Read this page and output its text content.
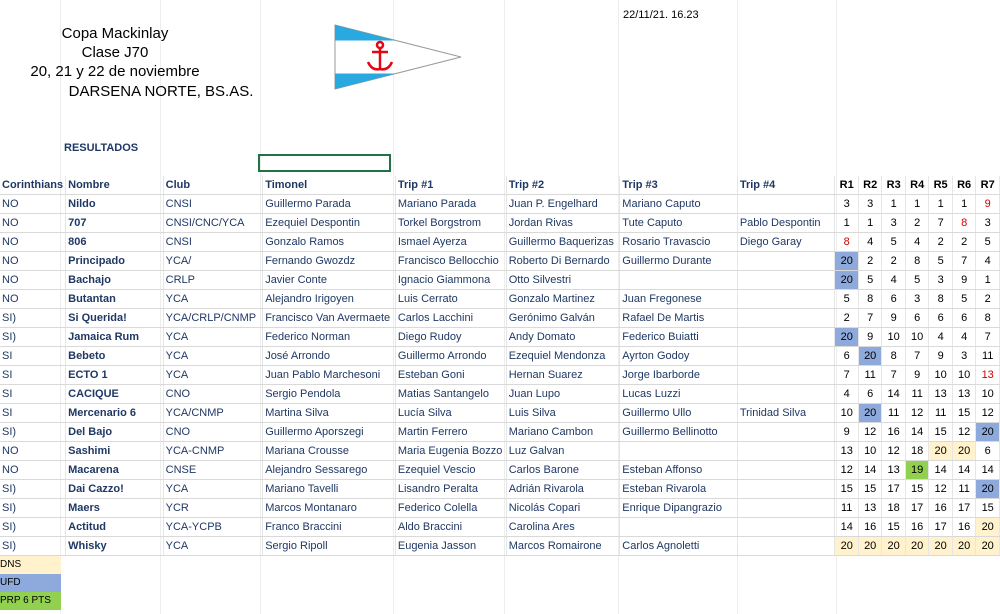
Copa Mackinlay
Clase J70
20, 21 y 22 de noviembre
DARSENA NORTE, BS.AS.
22/11/21. 16.23
RESULTADOS
Corinthians	Nombre	Club	Timonel	Trip #1	Trip #2	Trip #3	Trip #4	R1	R2	R3	R4	R5	R6	R7
NO	Nildo	CNSI	Guillermo Parada	Mariano Parada	Juan P. Engelhard	Mariano Caputo		3	3	1	1	1	1	9
NO	707	CNSI/CNC/YCA	Ezequiel Despontin	Torkel Borgstrom	Jordan Rivas	Tute Caputo	Pablo Despontin	1	1	3	2	7	8	3
NO	806	CNSI	Gonzalo Ramos	Ismael Ayerza	Guillermo Baquerizas	Rosario Travascio	Diego Garay	8	4	5	4	2	2	5
NO	Principado	YCA/	Fernando Gwozdz	Francisco Bellocchio	Roberto Di Bernardo	Guillermo Durante		20	2	2	8	5	7	4
NO	Bachajo	CRLP	Javier Conte	Ignacio Giammona	Otto Silvestri			20	5	4	5	3	9	1
NO	Butantan	YCA	Alejandro Irigoyen	Luis Cerrato	Gonzalo Martinez	Juan Fregonese		5	8	6	3	8	5	2
SI)	Si Querida!	YCA/CRLP/CNMP	Francisco Van Avermaete	Carlos Lacchini	Gerónimo Galván	Rafael De Martis		2	7	9	6	6	6	8
SI)	Jamaica Rum	YCA	Federico Norman	Diego Rudoy	Andy Domato	Federico Buiatti		20	9	10	10	4	4	7
SI	Bebeto	YCA	José Arrondo	Guillermo Arrondo	Ezequiel Mendonza	Ayrton Godoy		6	20	8	7	9	3	11
SI	ECTO 1	YCA	Juan Pablo Marchesoni	Esteban Goni	Hernan Suarez	Jorge Ibarborde		7	11	7	9	10	10	13
SI	CACIQUE	CNO	Sergio Pendola	Matias Santangelo	Juan Lupo	Lucas Luzzi		4	6	14	11	13	13	10
SI	Mercenario 6	YCA/CNMP	Martina Silva	Lucía Silva	Luis Silva	Guillermo Ullo	Trinidad Silva	10	20	11	12	11	15	12
SI)	Del Bajo	CNO	Guillermo Aporszegi	Martin Ferrero	Mariano Cambon	Guillermo Bellinotto		9	12	16	14	15	12	20
NO	Sashimi	YCA-CNMP	Mariana Crousse	Maria Eugenia Bozzo	Luz Galvan			13	10	12	18	20	20	6
NO	Macarena	CNSE	Alejandro Sessarego	Ezequiel Vescio	Carlos Barone	Esteban Affonso		12	14	13	19	14	14	14
SI)	Dai Cazzo!	YCA	Mariano Tavelli	Lisandro Peralta	Adrián Rivarola	Esteban Rivarola		15	15	17	15	12	11	20
SI)	Maers	YCR	Marcos Montanaro	Federico Colella	Nicolás Copari	Enrique Dipangrazio		11	13	18	17	16	17	15
SI)	Actitud	YCA-YCPB	Franco Braccini	Aldo Braccini	Carolina Ares			14	16	15	16	17	16	20
SI)	Whisky	YCA	Sergio Ripoll	Eugenia Jasson	Marcos Romairone	Carlos Agnoletti		20	20	20	20	20	20	20
DNS
UFD
PRP 6 PTS
